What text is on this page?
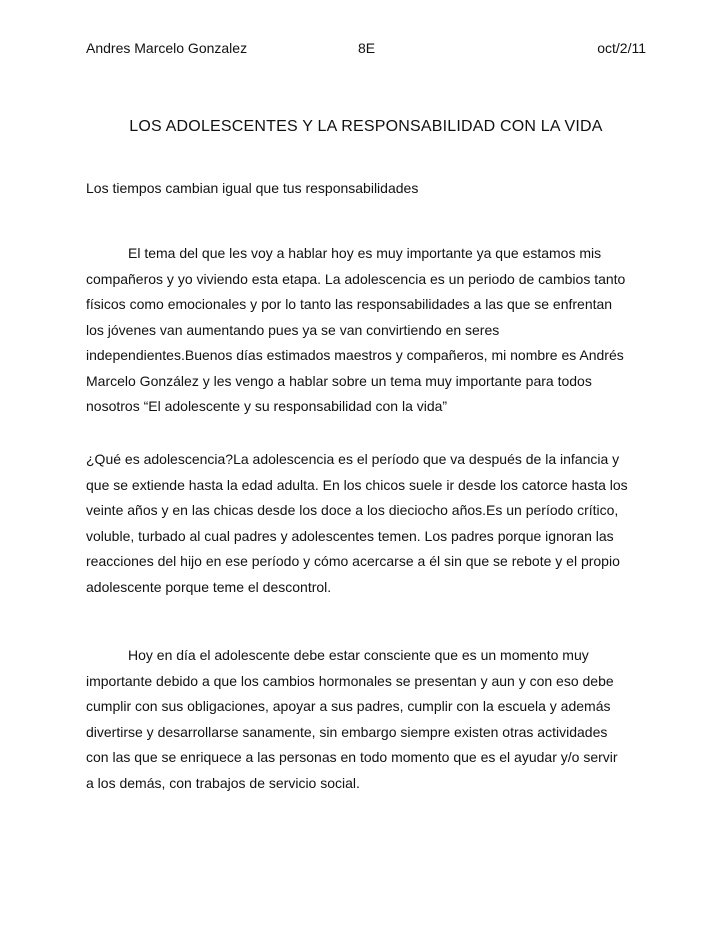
Andres Marcelo Gonzalez	8E	oct/2/11
LOS ADOLESCENTES Y LA RESPONSABILIDAD CON LA VIDA
Los tiempos cambian igual que tus responsabilidades
El tema del que les voy a hablar hoy es muy importante ya que estamos mis
compañeros y yo viviendo esta etapa. La adolescencia es un periodo de cambios tanto
físicos como emocionales y por lo tanto las responsabilidades a las que se enfrentan
los jóvenes van aumentando pues ya se van convirtiendo en seres
independientes.Buenos días estimados maestros y compañeros, mi nombre es Andrés
Marcelo González y les vengo a hablar sobre un tema muy importante para todos
nosotros “El adolescente y su responsabilidad con la vida”
¿Qué es adolescencia?La adolescencia es el período que va después de la infancia y
que se extiende hasta la edad adulta. En los chicos suele ir desde los catorce hasta los
veinte años y en las chicas desde los doce a los dieciocho años.Es un período crítico,
voluble, turbado al cual padres y adolescentes temen. Los padres porque ignoran las
reacciones del hijo en ese período y cómo acercarse a él sin que se rebote y el propio
adolescente porque teme el descontrol.
Hoy en día el adolescente debe estar consciente que es un momento muy
importante debido a que los cambios hormonales se presentan y aun y con eso debe
cumplir con sus obligaciones, apoyar a sus padres, cumplir con la escuela y además
divertirse y desarrollarse sanamente, sin embargo siempre existen otras actividades
con las que se enriquece a las personas en todo momento que es el ayudar y/o servir
a los demás, con trabajos de servicio social.
